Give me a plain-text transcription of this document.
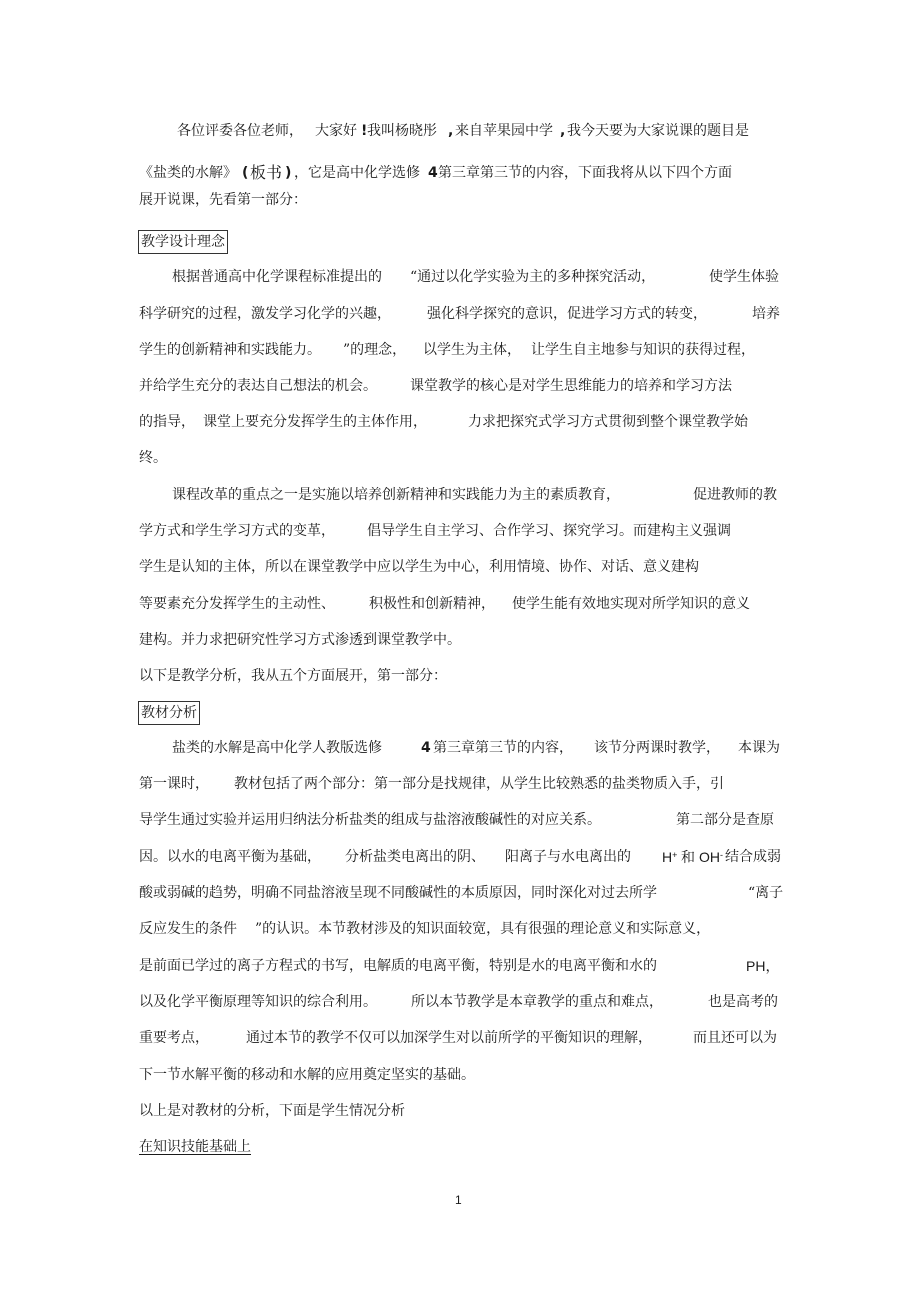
各位评委各位老师， 大家好 ! 我叫杨晓彤 , 来自苹果园中学 , 我今天要为大家说课的题目是
《盐类的水解》 ( 板书 ) ，它是高中化学选修 4 第三章第三节的内容，下面我将从以下四个方面
展开说课，先看第一部分：
教学设计理念
根据普通高中化学课程标准提出的 “通过以化学实验为主的多种探究活动，	使学生体验
科学研究的过程，激发学习化学的兴趣，	强化科学探究的意识，促进学习方式的转变，	培养
学生的创新精神和实践能力。 ”的理念， 以学生为主体， 让学生自主地参与知识的获得过程，
并给学生充分的表达自己想法的机会。 课堂教学的核心是对学生思维能力的培养和学习方法
的指导， 课堂上要充分发挥学生的主体作用，	力求把探究式学习方式贯彻到整个课堂教学始
终。
课程改革的重点之一是实施以培养创新精神和实践能力为主的素质教育，	促进教师的教
学方式和学生学习方式的变革， 倡导学生自主学习、合作学习、探究学习。而建构主义强调
学生是认知的主体，所以在课堂教学中应以学生为中心，利用情境、协作、对话、意义建构
等要素充分发挥学生的主动性、 积极性和创新精神， 使学生能有效地实现对所学知识的意义
建构。并力求把研究性学习方式渗透到课堂教学中。
以下是教学分析，我从五个方面展开，第一部分：
教材分析
盐类的水解是高中化学人教版选修	4 第三章第三节的内容， 该节分两课时教学， 本课为
第一课时， 教材包括了两个部分：第一部分是找规律，从学生比较熟悉的盐类物质入手，引
导学生通过实验并运用归纳法分析盐类的组成与盐溶液酸碱性的对应关系。	第二部分是查原
因。以水的电离平衡为基础， 分析盐类电离出的阴、 阳离子与水电离出的 H+ 和 OH- 结合成弱
酸或弱碱的趋势，明确不同盐溶液呈现不同酸碱性的本质原因，同时深化对过去所学	“离子
反应发生的条件 ”的认识。本节教材涉及的知识面较宽，具有很强的理论意义和实际意义，
是前面已学过的离子方程式的书写，电解质的电离平衡，特别是水的电离平衡和水的	PH，
以及化学平衡原理等知识的综合利用。 所以本节教学是本章教学的重点和难点，	也是高考的
重要考点，	通过本节的教学不仅可以加深学生对以前所学的平衡知识的理解，	而且还可以为
下一节水解平衡的移动和水解的应用奠定坚实的基础。
以上是对教材的分析，下面是学生情况分析
在知识技能基础上
1
